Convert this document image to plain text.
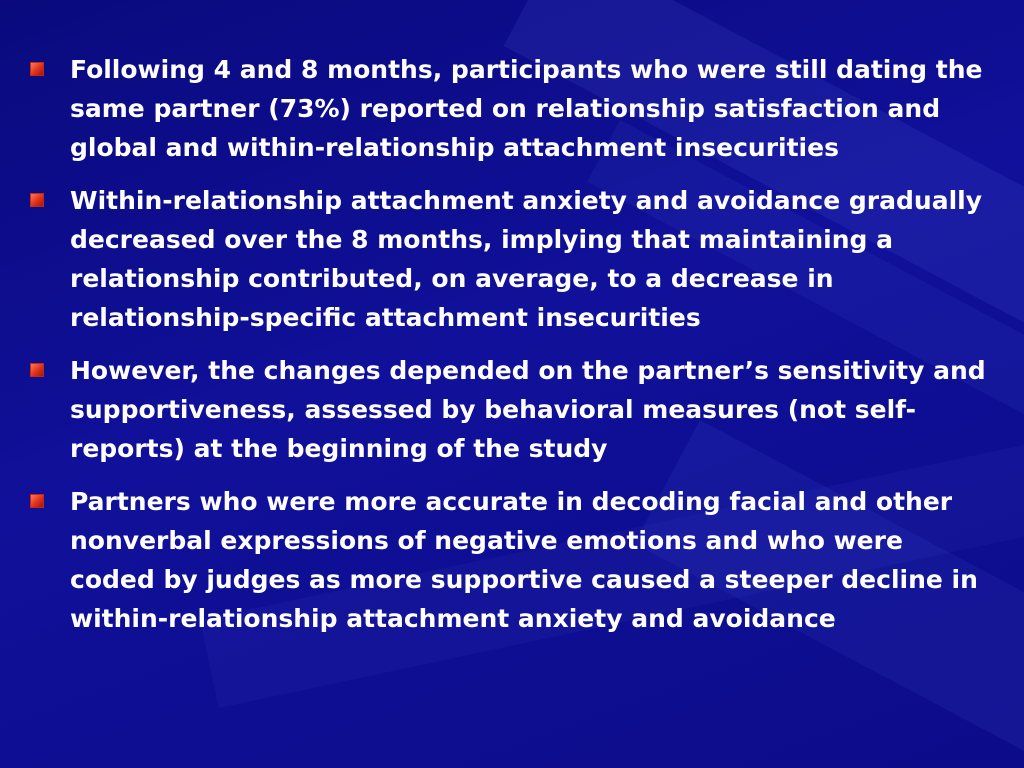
Following 4 and 8 months, participants who were still dating the same partner (73%) reported on relationship satisfaction and global and within-relationship attachment insecurities
Within-relationship attachment anxiety and avoidance gradually decreased over the 8 months, implying that maintaining a relationship contributed, on average, to a decrease in relationship-specific attachment insecurities
However, the changes depended on the partner’s sensitivity and supportiveness, assessed by behavioral measures (not self-reports) at the beginning of the study
Partners who were more accurate in decoding facial and other nonverbal expressions of negative emotions and who were coded by judges as more supportive caused a steeper decline in within-relationship attachment anxiety and avoidance
